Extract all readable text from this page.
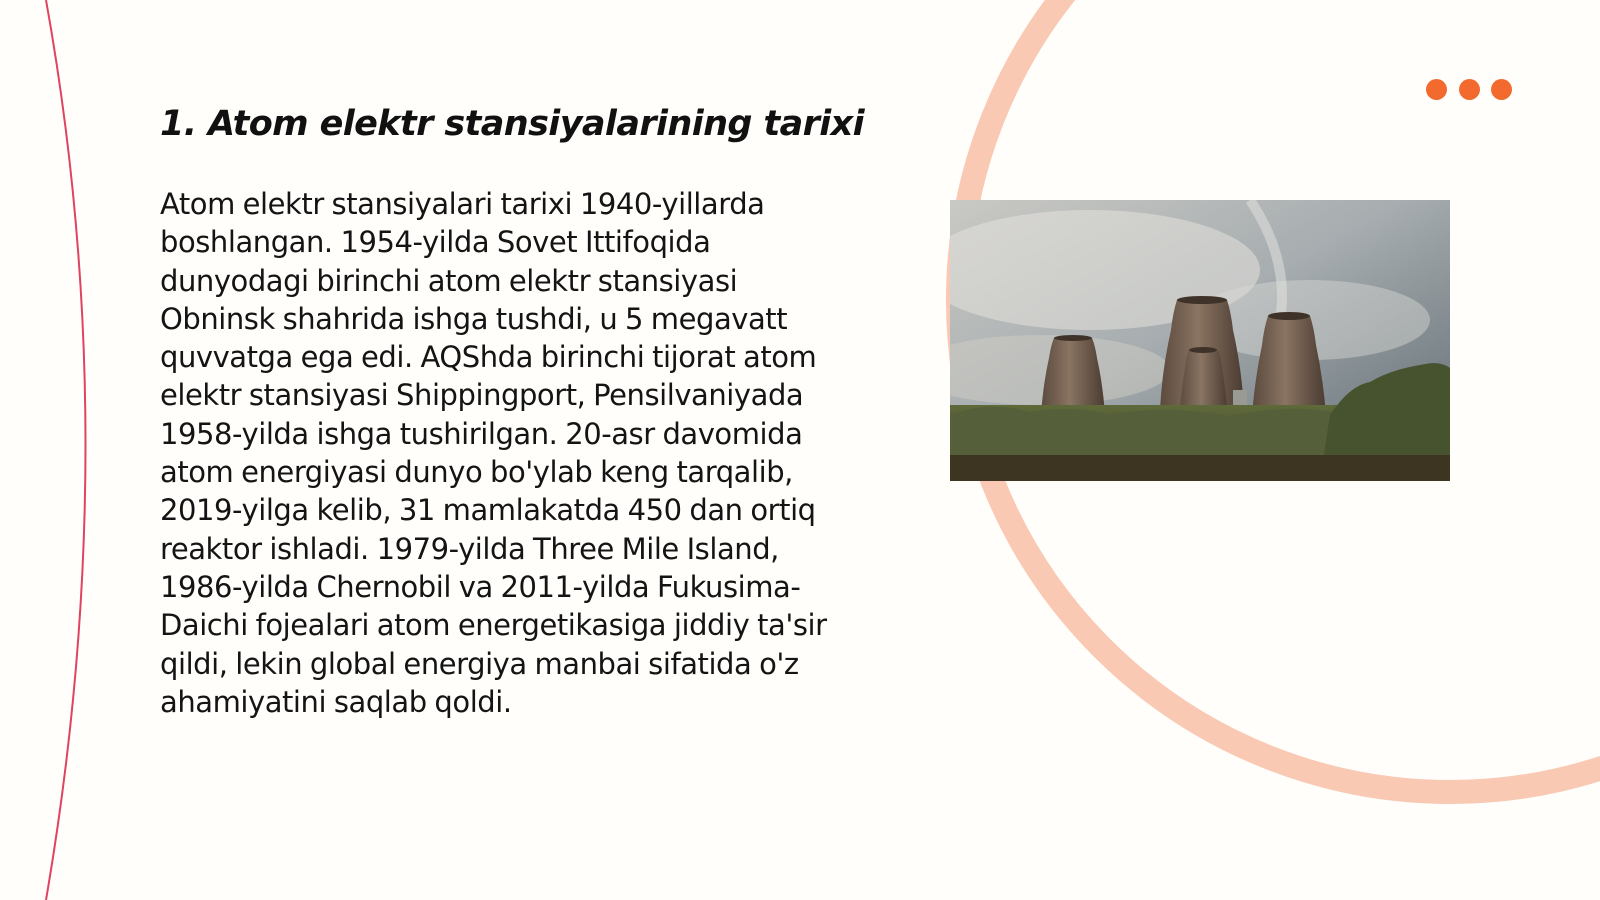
1. Atom elektr stansiyalarining tarixi

Atom elektr stansiyalari tarixi 1940-yillarda boshlangan. 1954-yilda Sovet Ittifoqida dunyodagi birinchi atom elektr stansiyasi Obninsk shahrida ishga tushdi, u 5 megavatt quvvatga ega edi. AQShda birinchi tijorat atom elektr stansiyasi Shippingport, Pensilvaniyada 1958-yilda ishga tushirilgan. 20-asr davomida atom energiyasi dunyo bo'ylab keng tarqalib, 2019-yilga kelib, 31 mamlakatda 450 dan ortiq reaktor ishladi. 1979-yilda Three Mile Island, 1986-yilda Chernobil va 2011-yilda Fukusima-Daichi fojealari atom energetikasiga jiddiy ta'sir qildi, lekin global energiya manbai sifatida o'z ahamiyatini saqlab qoldi.
